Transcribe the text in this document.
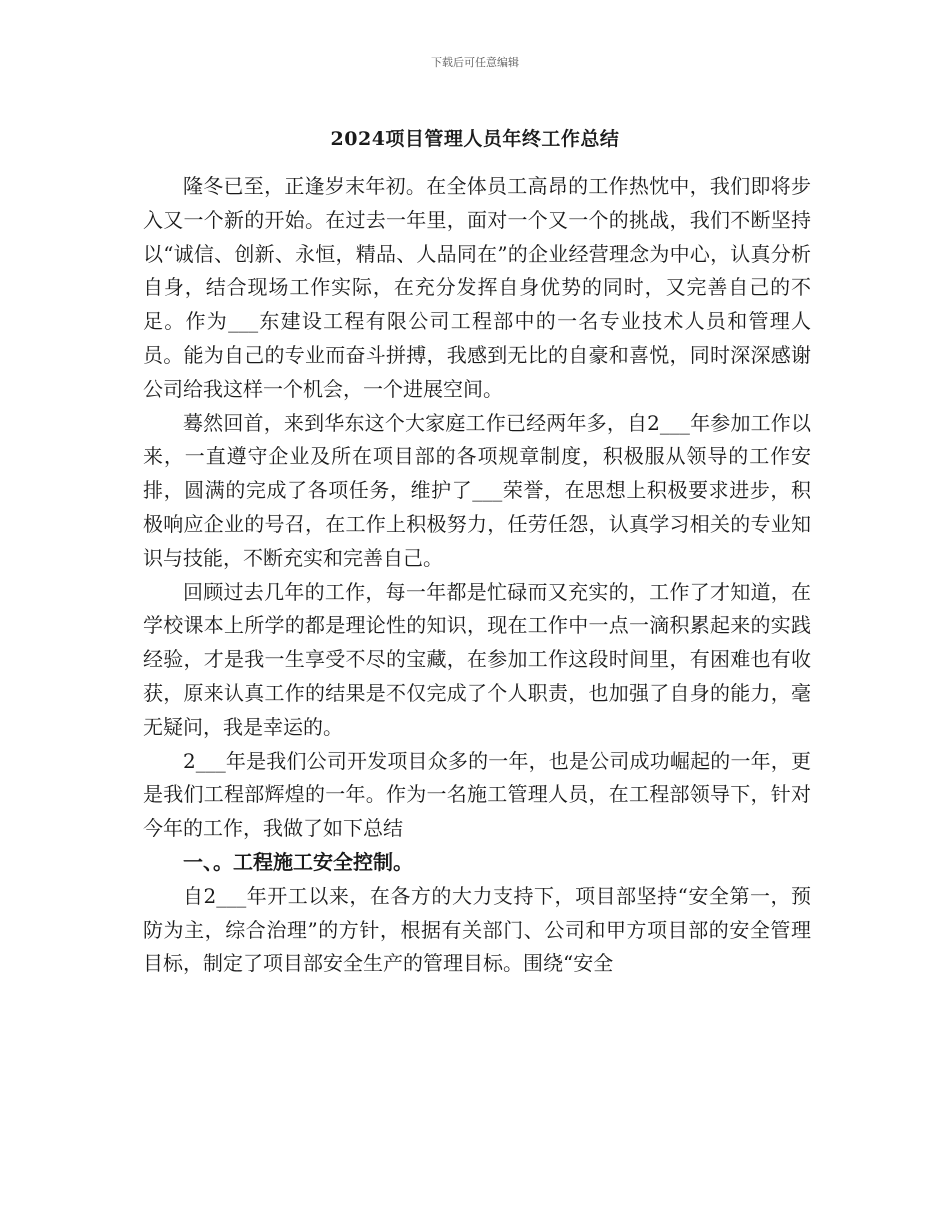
下载后可任意编辑
2024项目管理人员年终工作总结

隆冬已至，正逢岁末年初。在全体员工高昂的工作热忱中，我们即将步入又一个新的开始。在过去一年里，面对一个又一个的挑战，我们不断坚持以“诚信、创新、永恒，精品、人品同在”的企业经营理念为中心，认真分析自身，结合现场工作实际，在充分发挥自身优势的同时，又完善自己的不足。作为___东建设工程有限公司工程部中的一名专业技术人员和管理人员。能为自己的专业而奋斗拼搏，我感到无比的自豪和喜悦，同时深深感谢公司给我这样一个机会，一个进展空间。

蓦然回首，来到华东这个大家庭工作已经两年多，自2___年参加工作以来，一直遵守企业及所在项目部的各项规章制度，积极服从领导的工作安排，圆满的完成了各项任务，维护了___荣誉，在思想上积极要求进步，积极响应企业的号召，在工作上积极努力，任劳任怨，认真学习相关的专业知识与技能，不断充实和完善自己。

回顾过去几年的工作，每一年都是忙碌而又充实的，工作了才知道，在学校课本上所学的都是理论性的知识，现在工作中一点一滴积累起来的实践经验，才是我一生享受不尽的宝藏，在参加工作这段时间里，有困难也有收获，原来认真工作的结果是不仅完成了个人职责，也加强了自身的能力，毫无疑问，我是幸运的。

2___年是我们公司开发项目众多的一年，也是公司成功崛起的一年，更是我们工程部辉煌的一年。作为一名施工管理人员，在工程部领导下，针对今年的工作，我做了如下总结

一、。工程施工安全控制。

自2___年开工以来，在各方的大力支持下，项目部坚持“安全第一，预防为主，综合治理”的方针，根据有关部门、公司和甲方项目部的安全管理目标，制定了项目部安全生产的管理目标。围绕“安全
